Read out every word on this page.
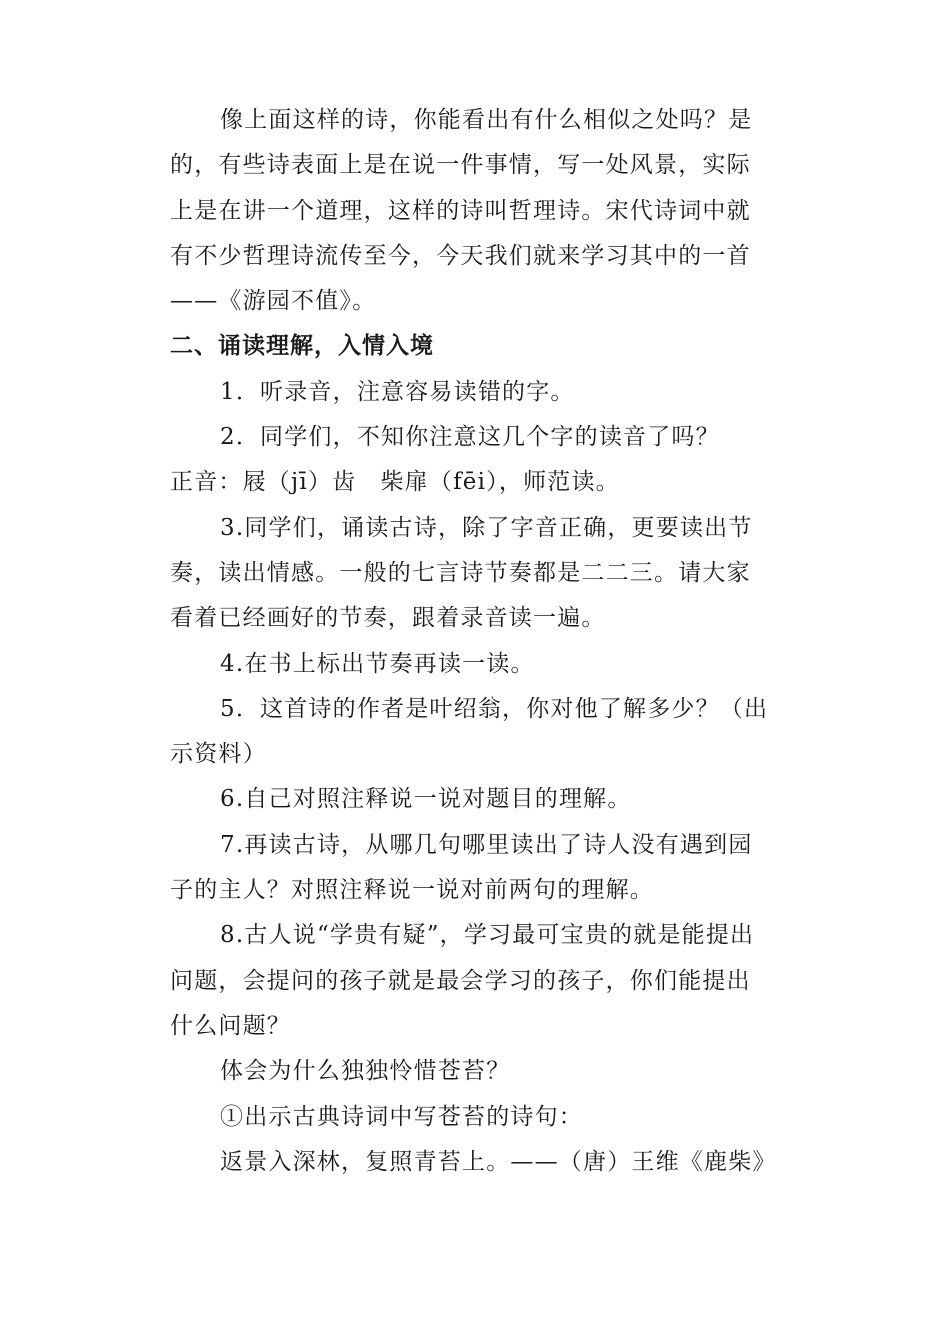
像上面这样的诗，你能看出有什么相似之处吗？是
的，有些诗表面上是在说一件事情，写一处风景，实际
上是在讲一个道理，这样的诗叫哲理诗。宋代诗词中就
有不少哲理诗流传至今，今天我们就来学习其中的一首
——《游园不值》。
二、诵读理解，入情入境
1．听录音，注意容易读错的字。
2．同学们，不知你注意这几个字的读音了吗？
正音：屐（jī）齿　柴扉（fēi），师范读。
3.同学们，诵读古诗，除了字音正确，更要读出节
奏，读出情感。一般的七言诗节奏都是二二三。请大家
看着已经画好的节奏，跟着录音读一遍。
4.在书上标出节奏再读一读。
5．这首诗的作者是叶绍翁，你对他了解多少？（出
示资料）
6.自己对照注释说一说对题目的理解。
7.再读古诗，从哪几句哪里读出了诗人没有遇到园
子的主人？对照注释说一说对前两句的理解。
8.古人说“学贵有疑”，学习最可宝贵的就是能提出
问题，会提问的孩子就是最会学习的孩子，你们能提出
什么问题？
体会为什么独独怜惜苍苔？
①出示古典诗词中写苍苔的诗句：
返景入深林，复照青苔上。——（唐）王维《鹿柴》
